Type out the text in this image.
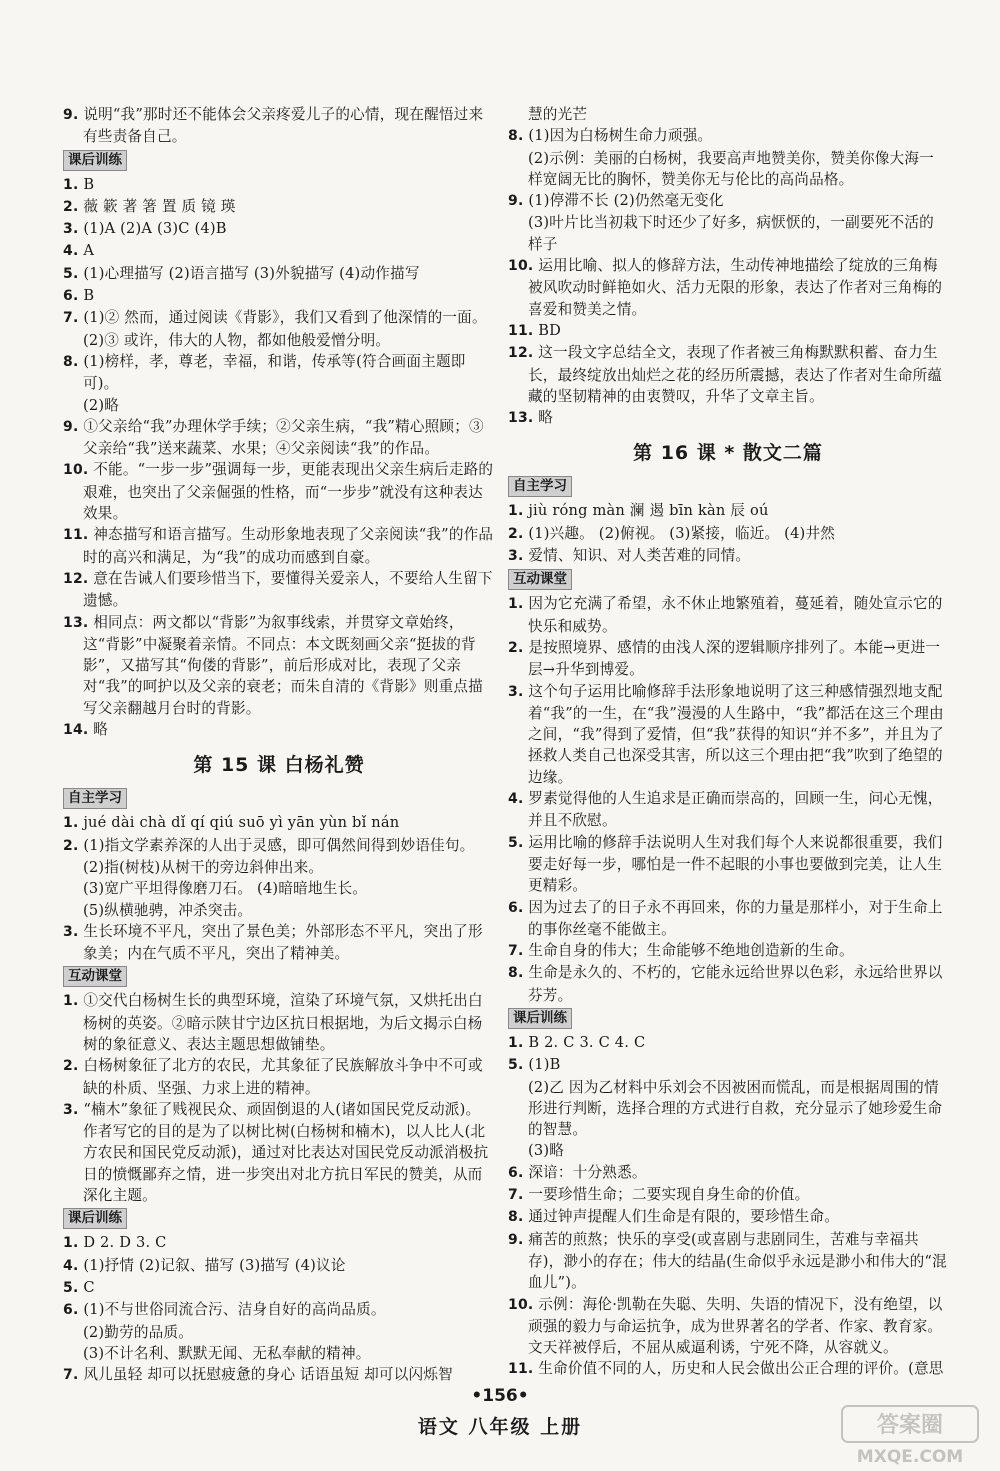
9. 说明“我”那时还不能体会父亲疼爱儿子的心情，现在醒悟过来有些责备自己。

课后训练

1. B

2. 薇 簌 著 箸 置 质 镜 瑛

3. (1)A (2)A (3)C (4)B

4. A

5. (1)心理描写 (2)语言描写 (3)外貌描写 (4)动作描写

6. B

7. (1)② 然而，通过阅读《背影》，我们又看到了他深情的一面。

(2)③ 或许，伟大的人物，都如他般爱憎分明。

8. (1)榜样，孝，尊老，幸福，和谐，传承等(符合画面主题即可)。

(2)略

9. ①父亲给“我”办理休学手续；②父亲生病，“我”精心照顾；③父亲给“我”送来蔬菜、水果；④父亲阅读“我”的作品。

10. 不能。“一步一步”强调每一步，更能表现出父亲生病后走路的艰难，也突出了父亲倔强的性格，而“一步步”就没有这种表达效果。

11. 神态描写和语言描写。生动形象地表现了父亲阅读“我”的作品时的高兴和满足，为“我”的成功而感到自豪。

12. 意在告诫人们要珍惜当下，要懂得关爱亲人，不要给人生留下遗憾。

13. 相同点：两文都以“背影”为叙事线索，并贯穿文章始终，这“背影”中凝聚着亲情。不同点：本文既刻画父亲“挺拔的背影”，又描写其“佝偻的背影”，前后形成对比，表现了父亲对“我”的呵护以及父亲的衰老；而朱自清的《背影》则重点描写父亲翻越月台时的背影。

14. 略

第 15 课 白杨礼赞
自主学习

1. jué dài chà dǐ qí qiú suō yì yān yùn bǐ nán

2. (1)指文学素养深的人出于灵感，即可偶然间得到妙语佳句。

(2)指(树枝)从树干的旁边斜伸出来。

(3)宽广平坦得像磨刀石。 (4)暗暗地生长。

(5)纵横驰骋，冲杀突击。

3. 生长环境不平凡，突出了景色美；外部形态不平凡，突出了形象美；内在气质不平凡，突出了精神美。

互动课堂

1. ①交代白杨树生长的典型环境，渲染了环境气氛，又烘托出白杨树的英姿。②暗示陕甘宁边区抗日根据地，为后文揭示白杨树的象征意义、表达主题思想做铺垫。

2. 白杨树象征了北方的农民，尤其象征了民族解放斗争中不可或缺的朴质、坚强、力求上进的精神。

3. “楠木”象征了贱视民众、顽固倒退的人(诸如国民党反动派)。作者写它的目的是为了以树比树(白杨树和楠木)，以人比人(北方农民和国民党反动派)，通过对比表达对国民党反动派消极抗日的愤慨鄙弃之情，进一步突出对北方抗日军民的赞美，从而深化主题。

课后训练

1. D 2. D 3. C

4. (1)抒情 (2)记叙、描写 (3)描写 (4)议论

5. C

6. (1)不与世俗同流合污、洁身自好的高尚品质。

(2)勤劳的品质。

(3)不计名利、默默无闻、无私奉献的精神。

7. 风儿虽轻 却可以抚慰疲惫的身心 话语虽短 却可以闪烁智

慧的光芒

8. (1)因为白杨树生命力顽强。

(2)示例：美丽的白杨树，我要高声地赞美你，赞美你像大海一样宽阔无比的胸怀，赞美你无与伦比的高尚品格。

9. (1)停滞不长 (2)仍然毫无变化

(3)叶片比当初栽下时还少了好多，病恹恹的，一副要死不活的样子

10. 运用比喻、拟人的修辞方法，生动传神地描绘了绽放的三角梅被风吹动时鲜艳如火、活力无限的形象，表达了作者对三角梅的喜爱和赞美之情。

11. BD

12. 这一段文字总结全文，表现了作者被三角梅默默积蓄、奋力生长，最终绽放出灿烂之花的经历所震撼，表达了作者对生命所蕴藏的坚韧精神的由衷赞叹，升华了文章主旨。

13. 略

第 16 课 * 散文二篇
自主学习

1. jiù róng màn 澜 遏 bīn kàn 辰 oú

2. (1)兴趣。 (2)俯视。 (3)紧接，临近。 (4)井然

3. 爱情、知识、对人类苦难的同情。

互动课堂

1. 因为它充满了希望，永不休止地繁殖着，蔓延着，随处宣示它的快乐和威势。

2. 是按照境界、感情的由浅人深的逻辑顺序排列了。本能→更进一层→升华到博爱。

3. 这个句子运用比喻修辞手法形象地说明了这三种感情强烈地支配着“我”的一生，在“我”漫漫的人生路中，“我”都活在这三个理由之间，“我”得到了爱情，但“我”获得的知识“并不多”，并且为了拯救人类自己也深受其害，所以这三个理由把“我”吹到了绝望的边缘。

4. 罗素觉得他的人生追求是正确而崇高的，回顾一生，问心无愧，并且不欣慰。

5. 运用比喻的修辞手法说明人生对我们每个人来说都很重要，我们要走好每一步，哪怕是一件不起眼的小事也要做到完美，让人生更精彩。

6. 因为过去了的日子永不再回来，你的力量是那样小，对于生命上的事你丝毫不能做主。

7. 生命自身的伟大；生命能够不绝地创造新的生命。

8. 生命是永久的、不朽的，它能永远给世界以色彩，永远给世界以芬芳。

课后训练

1. B 2. C 3. C 4. C

5. (1)B

(2)乙 因为乙材料中乐刘会不因被困而慌乱，而是根据周围的情形进行判断，选择合理的方式进行自救，充分显示了她珍爱生命的智慧。

(3)略

6. 深谙：十分熟悉。

7. 一要珍惜生命；二要实现自身生命的价值。

8. 通过钟声提醒人们生命是有限的，要珍惜生命。

9. 痛苦的煎熬；快乐的享受(或喜剧与悲剧同生，苦难与幸福共存)，渺小的存在；伟大的结晶(生命似乎永远是渺小和伟大的“混血儿”)。

10. 示例：海伦·凯勒在失聪、失明、失语的情况下，没有绝望，以顽强的毅力与命运抗争，成为世界著名的学者、作家、教育家。文天祥被俘后，不屈从威逼利诱，宁死不降，从容就义。

11. 生命价值不同的人，历史和人民会做出公正合理的评价。(意思

•156•
语文 八年级 上册	答案圈
MXQE.COM
